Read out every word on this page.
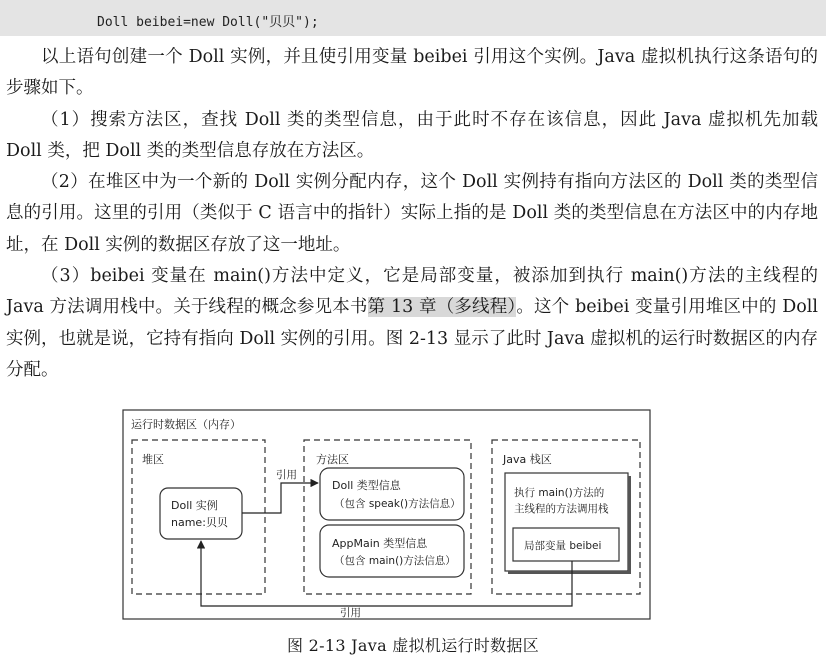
Doll beibei=new Doll("贝贝");

以上语句创建一个 Doll 实例，并且使引用变量 beibei 引用这个实例。Java 虚拟机执行这条语句的步骤如下。

（1）搜索方法区，查找 Doll 类的类型信息，由于此时不存在该信息，因此 Java 虚拟机先加载 Doll 类，把 Doll 类的类型信息存放在方法区。

（2）在堆区中为一个新的 Doll 实例分配内存，这个 Doll 实例持有指向方法区的 Doll 类的类型信息的引用。这里的引用（类似于 C 语言中的指针）实际上指的是 Doll 类的类型信息在方法区中的内存地址，在 Doll 实例的数据区存放了这一地址。

（3）beibei 变量在 main()方法中定义，它是局部变量，被添加到执行 main()方法的主线程的 Java 方法调用栈中。关于线程的概念参见本书第 13 章（多线程）。这个 beibei 变量引用堆区中的 Doll 实例，也就是说，它持有指向 Doll 实例的引用。图 2-13 显示了此时 Java 虚拟机的运行时数据区的内存分配。

运行时数据区（内存）
堆区
Doll 实例
name:贝贝
方法区
Doll 类型信息
（包含 speak()方法信息）
AppMain 类型信息
（包含 main()方法信息）
Java 栈区
执行 main()方法的
主线程的方法调用栈
局部变量 beibei
引用
引用
图 2-13 Java 虚拟机运行时数据区
